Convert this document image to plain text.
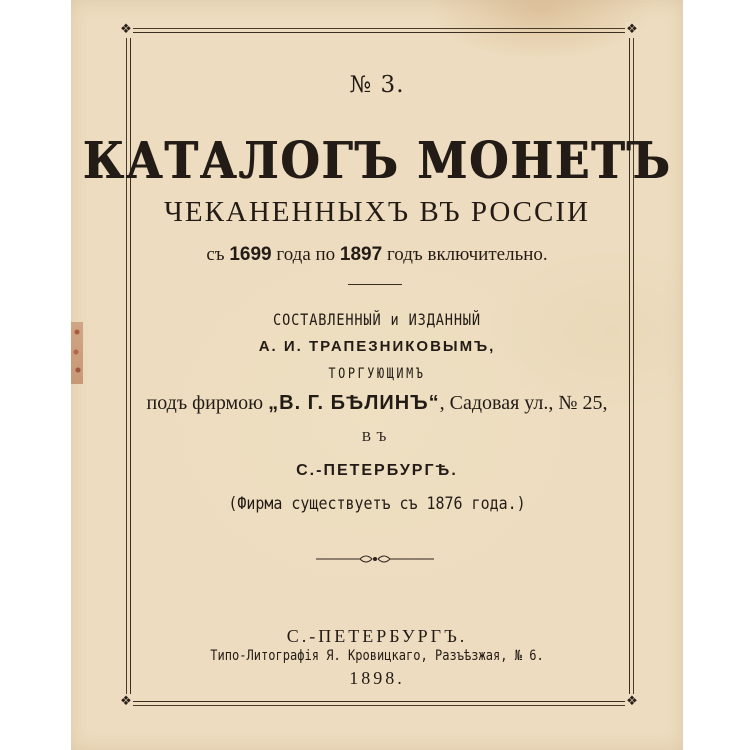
❖	❖
❖	❖
№ 3.
КАТАЛОГЪ МОНЕТЪ
ЧЕКАНЕННЫХЪ ВЪ РОССІИ
съ 1699 года по 1897 годъ включительно.
СОСТАВЛЕННЫЙ и ИЗДАННЫЙ
А. И. ТРАПЕЗНИКОВЫМЪ,
ТОРГУЮЩИМЪ
подъ фирмою „В. Г. БѢЛИНЪ“, Садовая ул., № 25,
ВЪ
С.-ПЕТЕРБУРГѢ.
(Фирма существуетъ съ 1876 года.)
С.-ПЕТЕРБУРГЪ.
Типо-Литографія Я. Кровицкаго, Разъѣзжая, № 6.
1898.
